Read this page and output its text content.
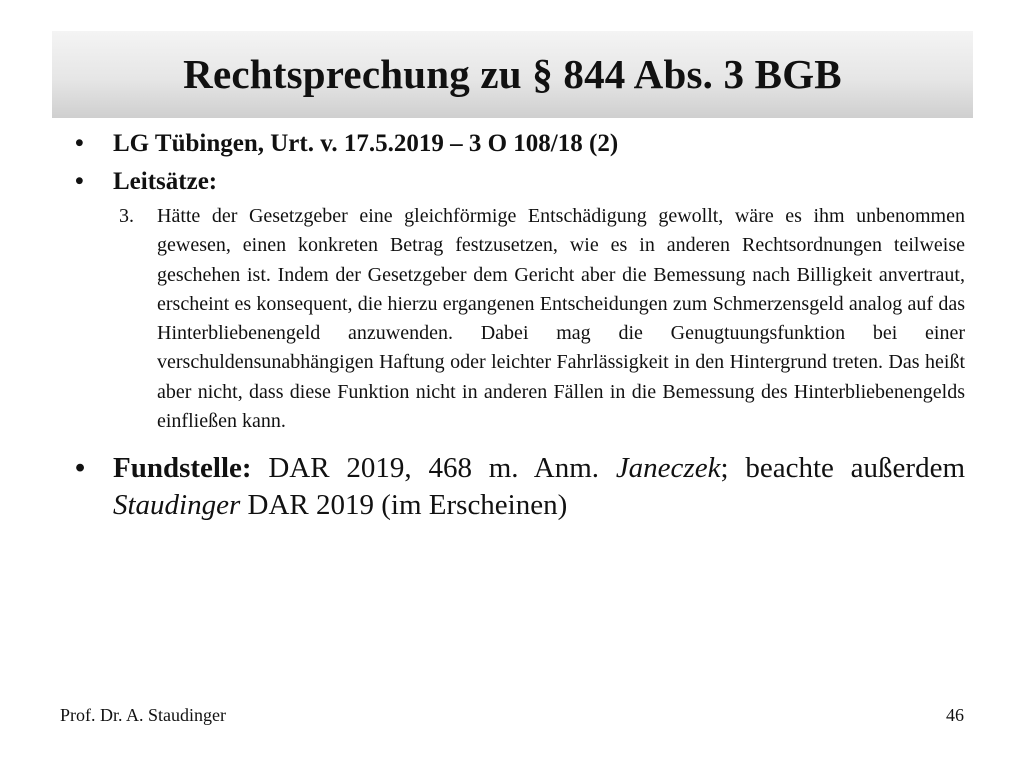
Rechtsprechung zu § 844 Abs. 3 BGB
•	LG Tübingen, Urt. v. 17.5.2019 – 3 O 108/18 (2)
•	Leitsätze:
3.	Hätte der Gesetzgeber eine gleichförmige Entschädigung gewollt, wäre es ihm unbenommen gewesen, einen konkreten Betrag festzusetzen, wie es in anderen Rechtsordnungen teilweise geschehen ist. Indem der Gesetzgeber dem Gericht aber die Bemessung nach Billigkeit anvertraut, erscheint es konsequent, die hierzu ergangenen Entscheidungen zum Schmerzensgeld analog auf das Hinterbliebenengeld anzuwenden. Dabei mag die Genugtuungsfunktion bei einer verschuldensunabhängigen Haftung oder leichter Fahrlässigkeit in den Hintergrund treten. Das heißt aber nicht, dass diese Funktion nicht in anderen Fällen in die Bemessung des Hinterbliebenengelds einfließen kann.
• Fundstelle: DAR 2019, 468 m. Anm. Janeczek; beachte außerdem Staudinger DAR 2019 (im Erscheinen)
Prof. Dr. A. Staudinger	46
